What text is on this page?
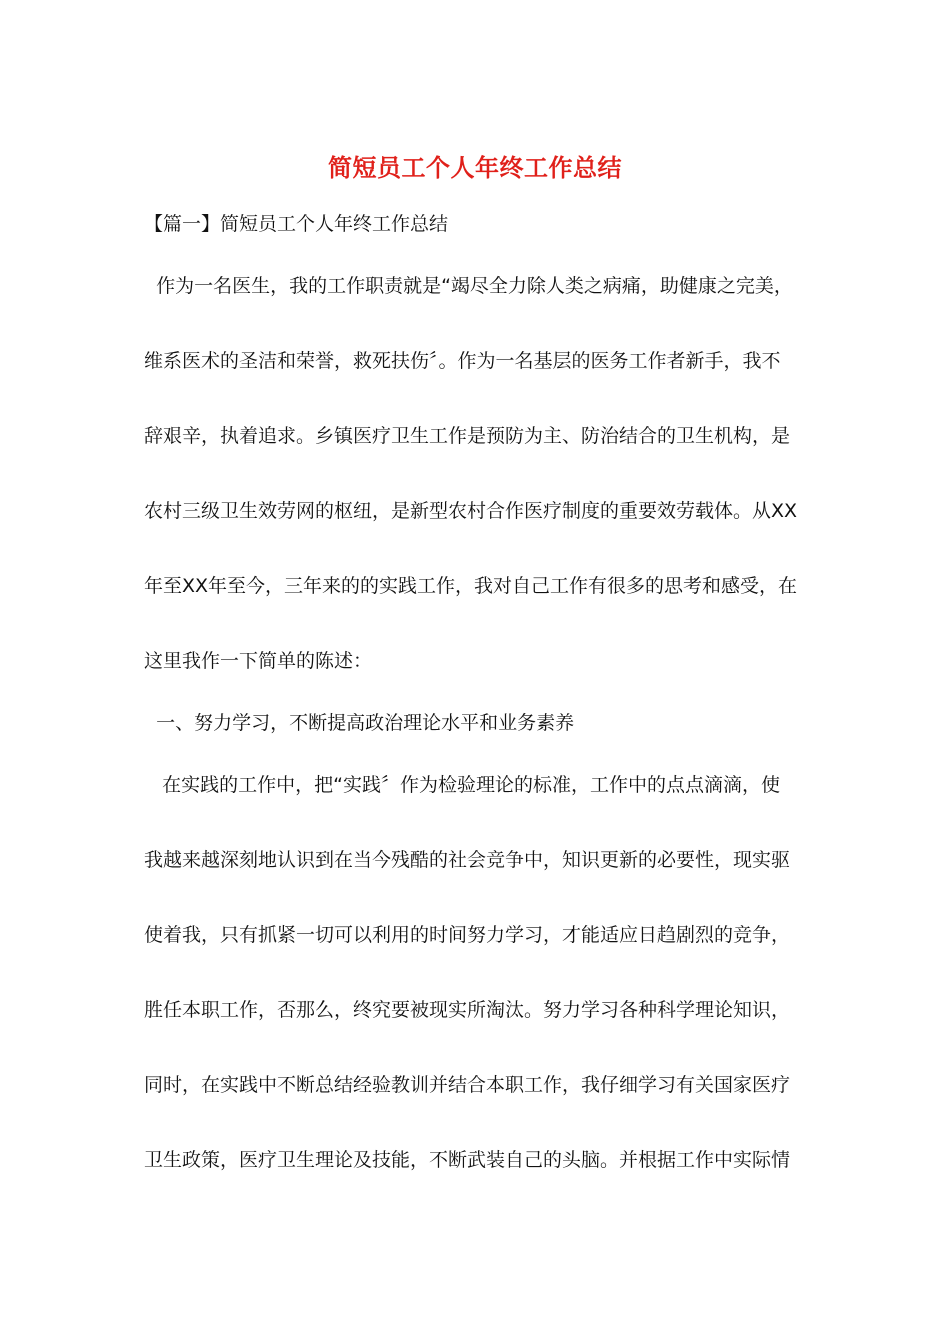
简短员工个人年终工作总结
【篇一】简短员工个人年终工作总结
作为一名医生，我的工作职责就是“竭尽全力除人类之病痛，助健康之完美，
维系医术的圣洁和荣誉，救死扶伤〞。作为一名基层的医务工作者新手，我不
辞艰辛，执着追求。乡镇医疗卫生工作是预防为主、防治结合的卫生机构，是
农村三级卫生效劳网的枢纽，是新型农村合作医疗制度的重要效劳载体。从XX
年至XX年至今，三年来的的实践工作，我对自己工作有很多的思考和感受，在
这里我作一下简单的陈述：
一、努力学习，不断提高政治理论水平和业务素养
在实践的工作中，把“实践〞作为检验理论的标准，工作中的点点滴滴，使
我越来越深刻地认识到在当今残酷的社会竞争中，知识更新的必要性，现实驱
使着我，只有抓紧一切可以利用的时间努力学习，才能适应日趋剧烈的竞争，
胜任本职工作，否那么，终究要被现实所淘汰。努力学习各种科学理论知识，
同时，在实践中不断总结经验教训并结合本职工作，我仔细学习有关国家医疗
卫生政策，医疗卫生理论及技能，不断武装自己的头脑。并根据工作中实际情
